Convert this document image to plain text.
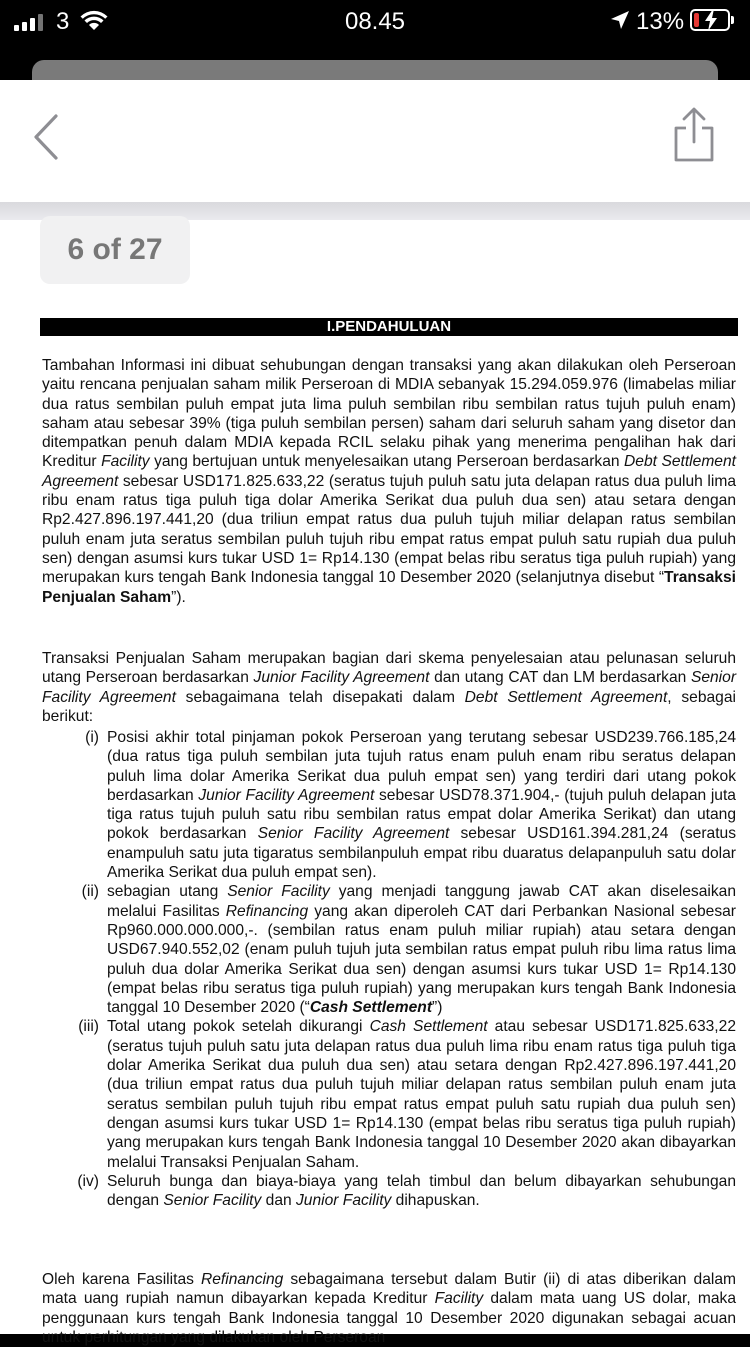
3	08.45	13%
I.PENDAHULUAN

Tambahan Informasi ini dibuat sehubungan dengan transaksi yang akan dilakukan oleh Perseroan yaitu rencana penjualan saham milik Perseroan di MDIA sebanyak 15.294.059.976 (limabelas miliar dua ratus sembilan puluh empat juta lima puluh sembilan ribu sembilan ratus tujuh puluh enam) saham atau sebesar 39% (tiga puluh sembilan persen) saham dari seluruh saham yang disetor dan ditempatkan penuh dalam MDIA kepada RCIL selaku pihak yang menerima pengalihan hak dari Kreditur Facility yang bertujuan untuk menyelesaikan utang Perseroan berdasarkan Debt Settlement Agreement sebesar USD171.825.633,22 (seratus tujuh puluh satu juta delapan ratus dua puluh lima ribu enam ratus tiga puluh tiga dolar Amerika Serikat dua puluh dua sen) atau setara dengan Rp2.427.896.197.441,20 (dua triliun empat ratus dua puluh tujuh miliar delapan ratus sembilan puluh enam juta seratus sembilan puluh tujuh ribu empat ratus empat puluh satu rupiah dua puluh sen) dengan asumsi kurs tukar USD 1= Rp14.130 (empat belas ribu seratus tiga puluh rupiah) yang merupakan kurs tengah Bank Indonesia tanggal 10 Desember 2020 (selanjutnya disebut “Transaksi Penjualan Saham”).

Transaksi Penjualan Saham merupakan bagian dari skema penyelesaian atau pelunasan seluruh utang Perseroan berdasarkan Junior Facility Agreement dan utang CAT dan LM berdasarkan Senior Facility Agreement sebagaimana telah disepakati dalam Debt Settlement Agreement, sebagai berikut:

(i) Posisi akhir total pinjaman pokok Perseroan yang terutang sebesar USD239.766.185,24 (dua ratus tiga puluh sembilan juta tujuh ratus enam puluh enam ribu seratus delapan puluh lima dolar Amerika Serikat dua puluh empat sen) yang terdiri dari utang pokok berdasarkan Junior Facility Agreement sebesar USD78.371.904,- (tujuh puluh delapan juta tiga ratus tujuh puluh satu ribu sembilan ratus empat dolar Amerika Serikat) dan utang pokok berdasarkan Senior Facility Agreement sebesar USD161.394.281,24 (seratus enampuluh satu juta tigaratus sembilanpuluh empat ribu duaratus delapanpuluh satu dolar Amerika Serikat dua puluh empat sen).
(ii) sebagian utang Senior Facility yang menjadi tanggung jawab CAT akan diselesaikan melalui Fasilitas Refinancing yang akan diperoleh CAT dari Perbankan Nasional sebesar Rp960.000.000.000,-. (sembilan ratus enam puluh miliar rupiah) atau setara dengan USD67.940.552,02 (enam puluh tujuh juta sembilan ratus empat puluh ribu lima ratus lima puluh dua dolar Amerika Serikat dua sen) dengan asumsi kurs tukar USD 1= Rp14.130 (empat belas ribu seratus tiga puluh rupiah) yang merupakan kurs tengah Bank Indonesia tanggal 10 Desember 2020 (“Cash Settlement”)
(iii) Total utang pokok setelah dikurangi Cash Settlement atau sebesar USD171.825.633,22 (seratus tujuh puluh satu juta delapan ratus dua puluh lima ribu enam ratus tiga puluh tiga dolar Amerika Serikat dua puluh dua sen) atau setara dengan Rp2.427.896.197.441,20 (dua triliun empat ratus dua puluh tujuh miliar delapan ratus sembilan puluh enam juta seratus sembilan puluh tujuh ribu empat ratus empat puluh satu rupiah dua puluh sen) dengan asumsi kurs tukar USD 1= Rp14.130 (empat belas ribu seratus tiga puluh rupiah) yang merupakan kurs tengah Bank Indonesia tanggal 10 Desember 2020 akan dibayarkan melalui Transaksi Penjualan Saham.
(iv) Seluruh bunga dan biaya-biaya yang telah timbul dan belum dibayarkan sehubungan dengan Senior Facility dan Junior Facility dihapuskan.

Oleh karena Fasilitas Refinancing sebagaimana tersebut dalam Butir (ii) di atas diberikan dalam mata uang rupiah namun dibayarkan kepada Kreditur Facility dalam mata uang US dolar, maka penggunaan kurs tengah Bank Indonesia tanggal 10 Desember 2020 digunakan sebagai acuan untuk perhitungan yang dilakukan oleh Perseroan

6 of 27
